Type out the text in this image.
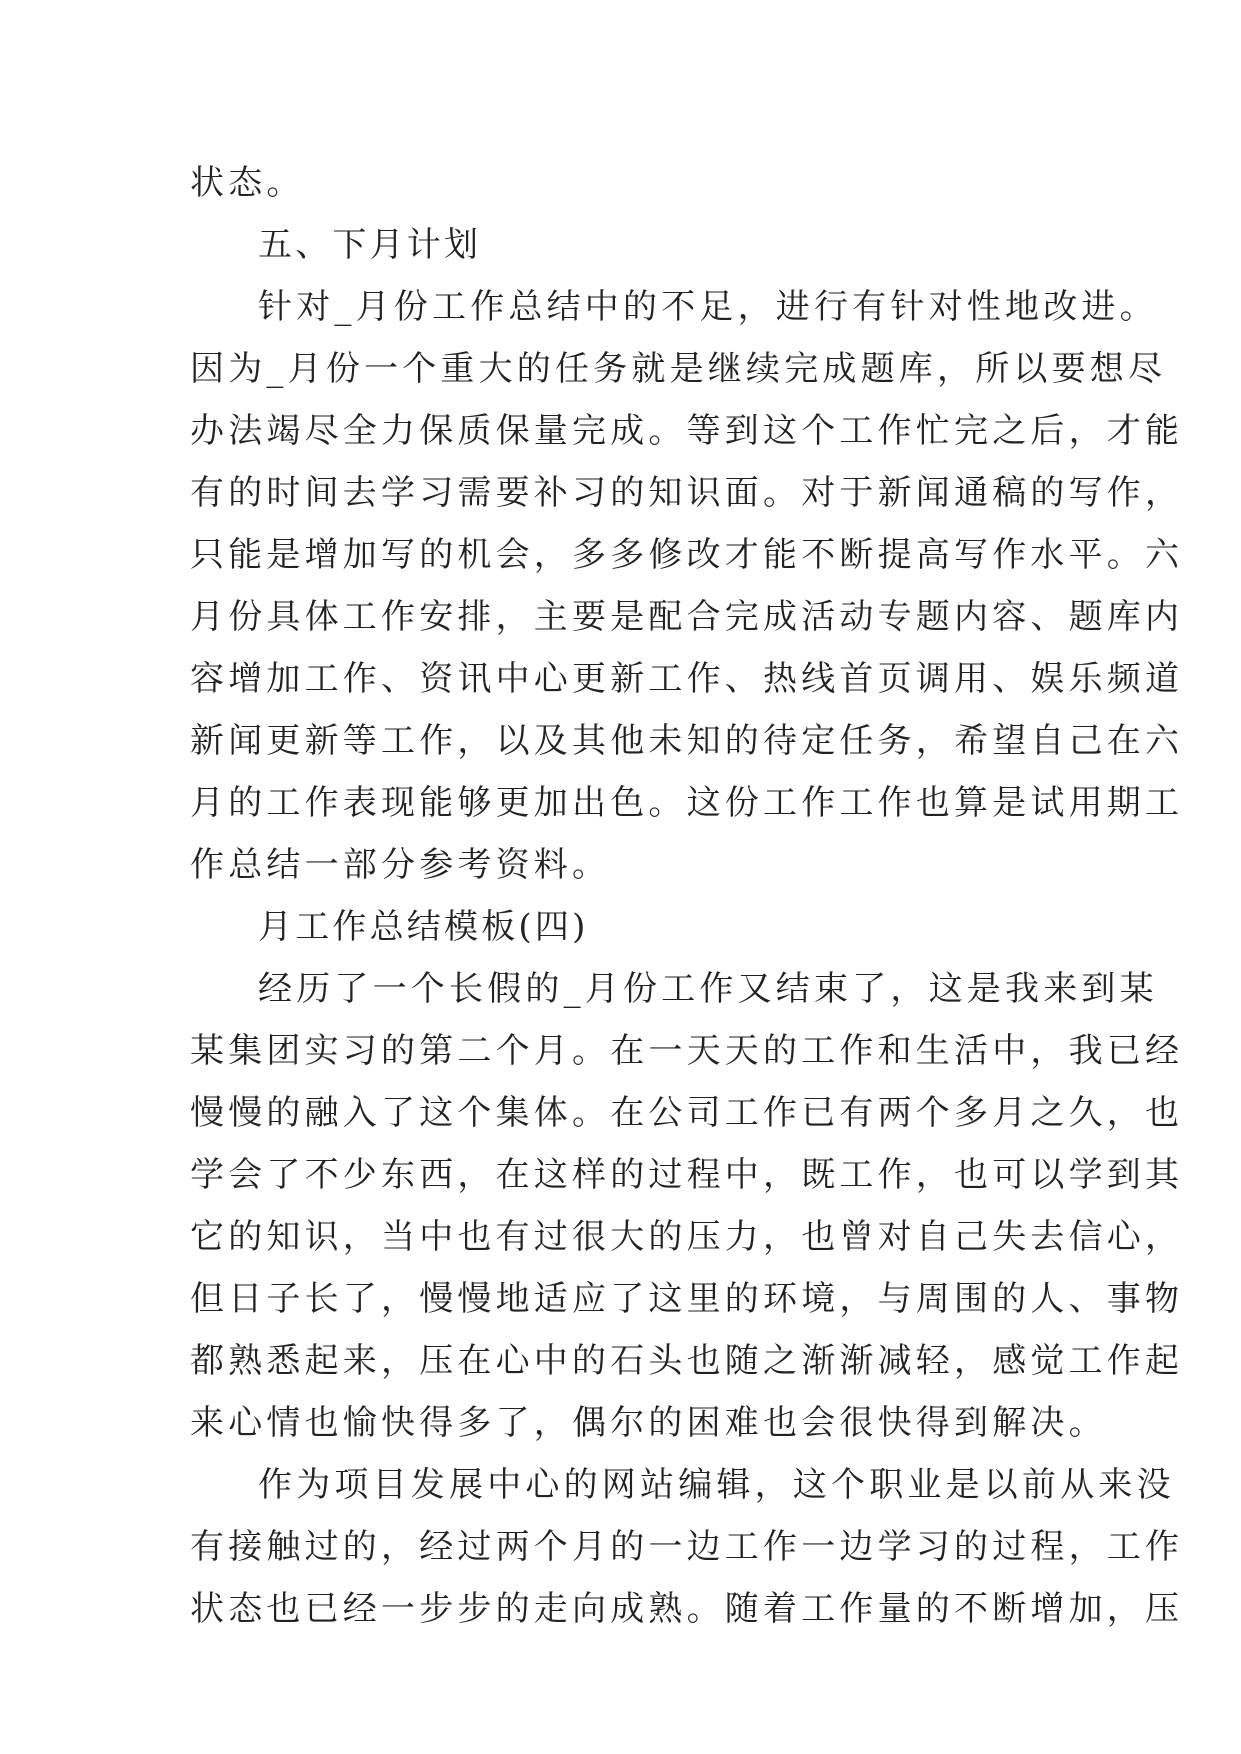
状态。
五、下月计划
针对_月份工作总结中的不足，进行有针对性地改进。
因为_月份一个重大的任务就是继续完成题库，所以要想尽
办法竭尽全力保质保量完成。等到这个工作忙完之后，才能
有的时间去学习需要补习的知识面。对于新闻通稿的写作，
只能是增加写的机会，多多修改才能不断提高写作水平。六
月份具体工作安排，主要是配合完成活动专题内容、题库内
容增加工作、资讯中心更新工作、热线首页调用、娱乐频道
新闻更新等工作，以及其他未知的待定任务，希望自己在六
月的工作表现能够更加出色。这份工作工作也算是试用期工
作总结一部分参考资料。
月工作总结模板(四)
经历了一个长假的_月份工作又结束了，这是我来到某
某集团实习的第二个月。在一天天的工作和生活中，我已经
慢慢的融入了这个集体。在公司工作已有两个多月之久，也
学会了不少东西，在这样的过程中，既工作，也可以学到其
它的知识，当中也有过很大的压力，也曾对自己失去信心，
但日子长了，慢慢地适应了这里的环境，与周围的人、事物
都熟悉起来，压在心中的石头也随之渐渐减轻，感觉工作起
来心情也愉快得多了，偶尔的困难也会很快得到解决。
作为项目发展中心的网站编辑，这个职业是以前从来没
有接触过的，经过两个月的一边工作一边学习的过程，工作
状态也已经一步步的走向成熟。随着工作量的不断增加，压
